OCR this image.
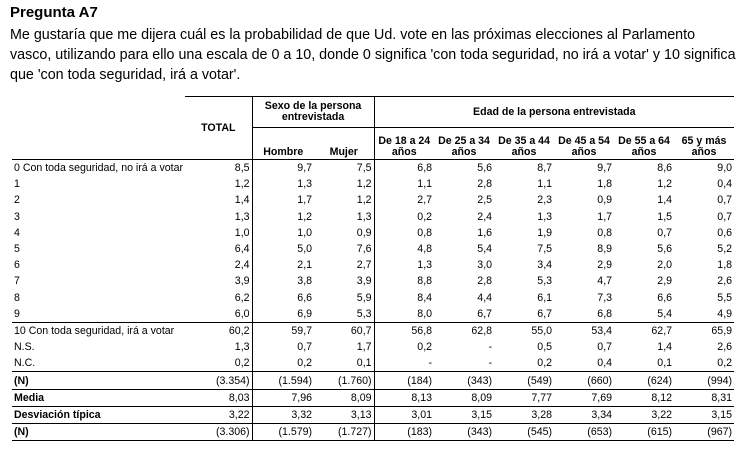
Pregunta A7
Me gustaría que me dijera cuál es la probabilidad de que Ud. vote en las próximas elecciones al Parlamento vasco, utilizando para ello una escala de 0 a 10, donde 0 significa 'con toda seguridad, no irá a votar' y 10 significa que 'con toda seguridad, irá a votar'.
	TOTAL	Sexo de la persona entrevistada		Edad de la persona entrevistada					
		Hombre	Mujer	De 18 a 24 años	De 25 a 34 años	De 35 a 44 años	De 45 a 54 años	De 55 a 64 años	65 y más años
0 Con toda seguridad, no irá a votar	8,5	9,7	7,5	6,8	5,6	8,7	9,7	8,6	9,0
1	1,2	1,3	1,2	1,1	2,8	1,1	1,8	1,2	0,4
2	1,4	1,7	1,2	2,7	2,5	2,3	0,9	1,4	0,7
3	1,3	1,2	1,3	0,2	2,4	1,3	1,7	1,5	0,7
4	1,0	1,0	0,9	0,8	1,6	1,9	0,8	0,7	0,6
5	6,4	5,0	7,6	4,8	5,4	7,5	8,9	5,6	5,2
6	2,4	2,1	2,7	1,3	3,0	3,4	2,9	2,0	1,8
7	3,9	3,8	3,9	8,8	2,8	5,3	4,7	2,9	2,6
8	6,2	6,6	5,9	8,4	4,4	6,1	7,3	6,6	5,5
9	6,0	6,9	5,3	8,0	6,7	6,7	6,8	5,4	4,9
10 Con toda seguridad, irá a votar	60,2	59,7	60,7	56,8	62,8	55,0	53,4	62,7	65,9
N.S.	1,3	0,7	1,7	0,2	-	0,5	0,7	1,4	2,6
N.C.	0,2	0,2	0,1	-	-	0,2	0,4	0,1	0,2
(N)	(3.354)	(1.594)	(1.760)	(184)	(343)	(549)	(660)	(624)	(994)
Media	8,03	7,96	8,09	8,13	8,09	7,77	7,69	8,12	8,31
Desviación típica	3,22	3,32	3,13	3,01	3,15	3,28	3,34	3,22	3,15
(N)	(3.306)	(1.579)	(1.727)	(183)	(343)	(545)	(653)	(615)	(967)
